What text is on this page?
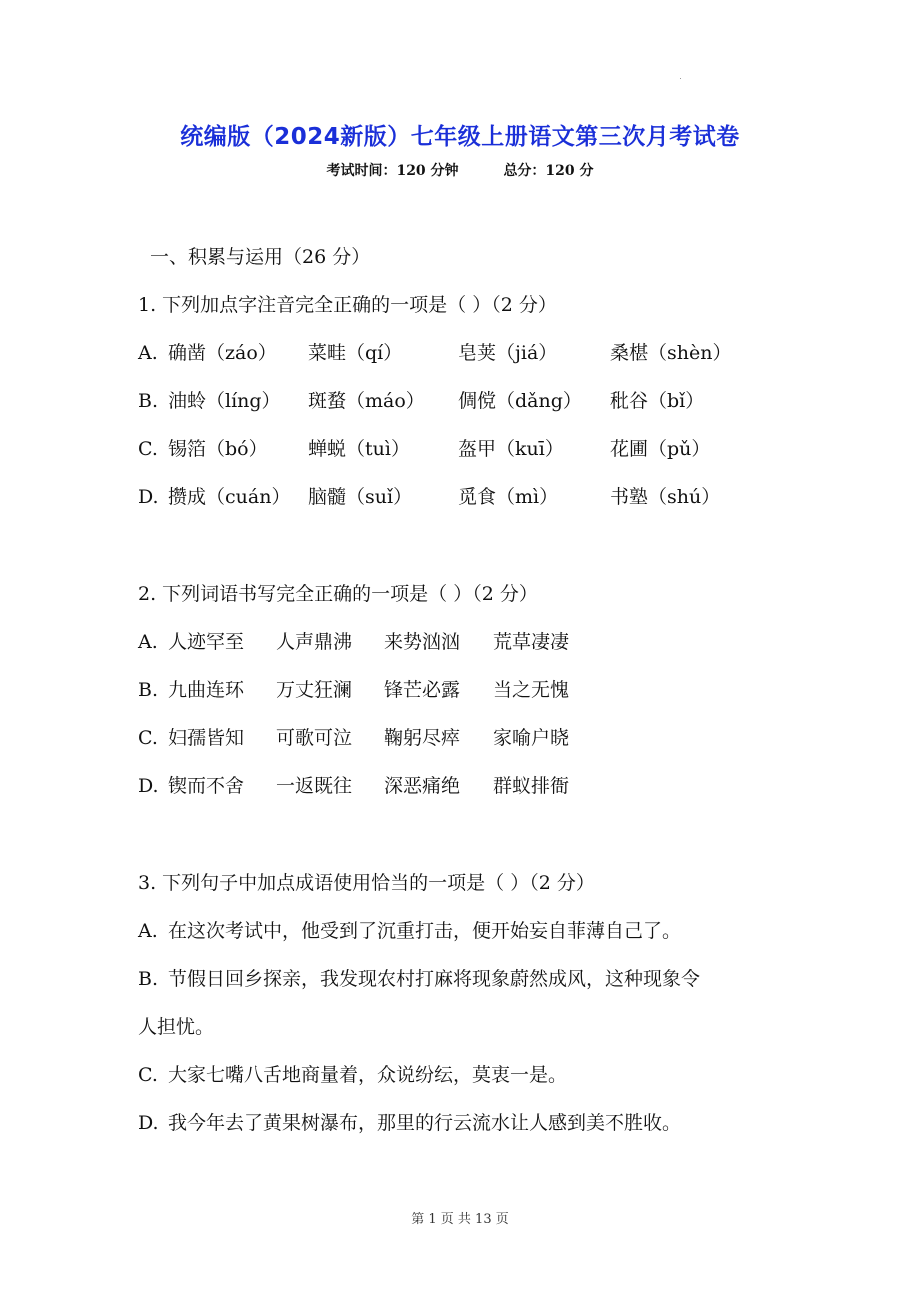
统编版（2024新版）七年级上册语文第三次月考试卷
考试时间：120 分钟	总分：120 分
一、积累与运用（26 分）
1. 下列加点字注音完全正确的一项是（ ）（2 分）
A. 确凿（záo） 菜畦（qí）	皂荚（jiá）	桑椹（shèn）
B. 油蛉（líng） 斑蝥（máo） 倜傥（dǎng） 秕谷（bǐ）
C. 锡箔（bó） 蝉蜕（tuì）	盔甲（kuī） 花圃（pǔ）
D. 攒成（cuán） 脑髓（suǐ） 觅食（mì）	书塾（shú）
2. 下列词语书写完全正确的一项是（ ）（2 分）
A. 人迹罕至 人声鼎沸 来势汹汹 荒草凄凄
B. 九曲连环 万丈狂澜 锋芒必露 当之无愧
C. 妇孺皆知 可歌可泣 鞠躬尽瘁 家喻户晓
D. 锲而不舍 一返既往 深恶痛绝 群蚁排衙
3. 下列句子中加点成语使用恰当的一项是（ ）（2 分）
A. 在这次考试中，他受到了沉重打击，便开始妄自菲薄自己了。
B. 节假日回乡探亲，我发现农村打麻将现象蔚然成风，这种现象令
人担忧。
C. 大家七嘴八舌地商量着，众说纷纭，莫衷一是。
D. 我今年去了黄果树瀑布，那里的行云流水让人感到美不胜收。
第 1 页 共 13 页
